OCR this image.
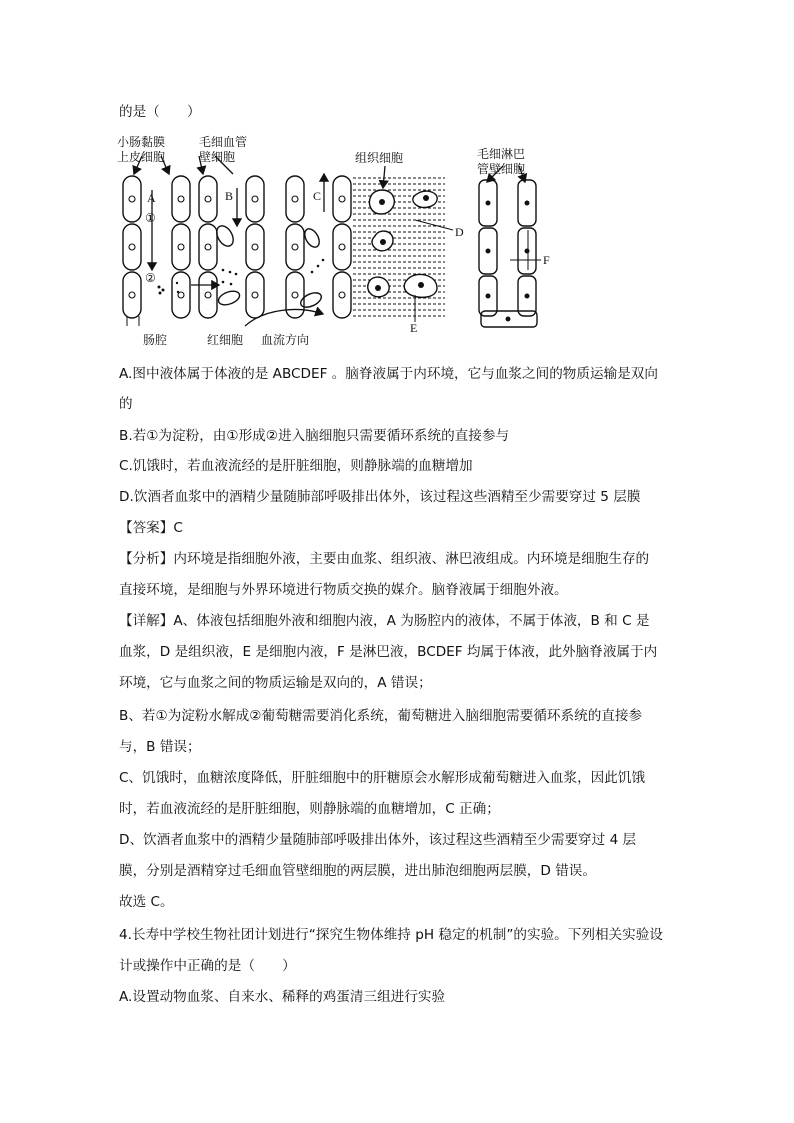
的是（　　）
小肠黏膜
上皮细胞
毛细血管
壁细胞	组织细胞	毛细淋巴
管壁细胞
肠腔	红细胞 血流方向
A	B	C
D
E
F
①
②
A.图中液体属于体液的是 ABCDEF 。脑脊液属于内环境，它与血浆之间的物质运输是双向
的
B.若①为淀粉，由①形成②进入脑细胞只需要循环系统的直接参与
C.饥饿时，若血液流经的是肝脏细胞，则静脉端的血糖增加
D.饮酒者血浆中的酒精少量随肺部呼吸排出体外，该过程这些酒精至少需要穿过 5 层膜
【答案】C
【分析】内环境是指细胞外液，主要由血浆、组织液、淋巴液组成。内环境是细胞生存的
直接环境，是细胞与外界环境进行物质交换的媒介。脑脊液属于细胞外液。
【详解】A、体液包括细胞外液和细胞内液，A 为肠腔内的液体，不属于体液，B 和 C 是
血浆，D 是组织液，E 是细胞内液，F 是淋巴液，BCDEF 均属于体液，此外脑脊液属于内
环境，它与血浆之间的物质运输是双向的，A 错误；
B、若①为淀粉水解成②葡萄糖需要消化系统，葡萄糖进入脑细胞需要循环系统的直接参
与，B 错误；
C、饥饿时，血糖浓度降低，肝脏细胞中的肝糖原会水解形成葡萄糖进入血浆，因此饥饿
时，若血液流经的是肝脏细胞，则静脉端的血糖增加，C 正确；
D、饮酒者血浆中的酒精少量随肺部呼吸排出体外，该过程这些酒精至少需要穿过 4 层
膜，分别是酒精穿过毛细血管壁细胞的两层膜，进出肺泡细胞两层膜，D 错误。
故选 C。
4.长寿中学校生物社团计划进行“探究生物体维持 pH 稳定的机制”的实验。下列相关实验设
计或操作中正确的是（　　）
A.设置动物血浆、自来水、稀释的鸡蛋清三组进行实验
